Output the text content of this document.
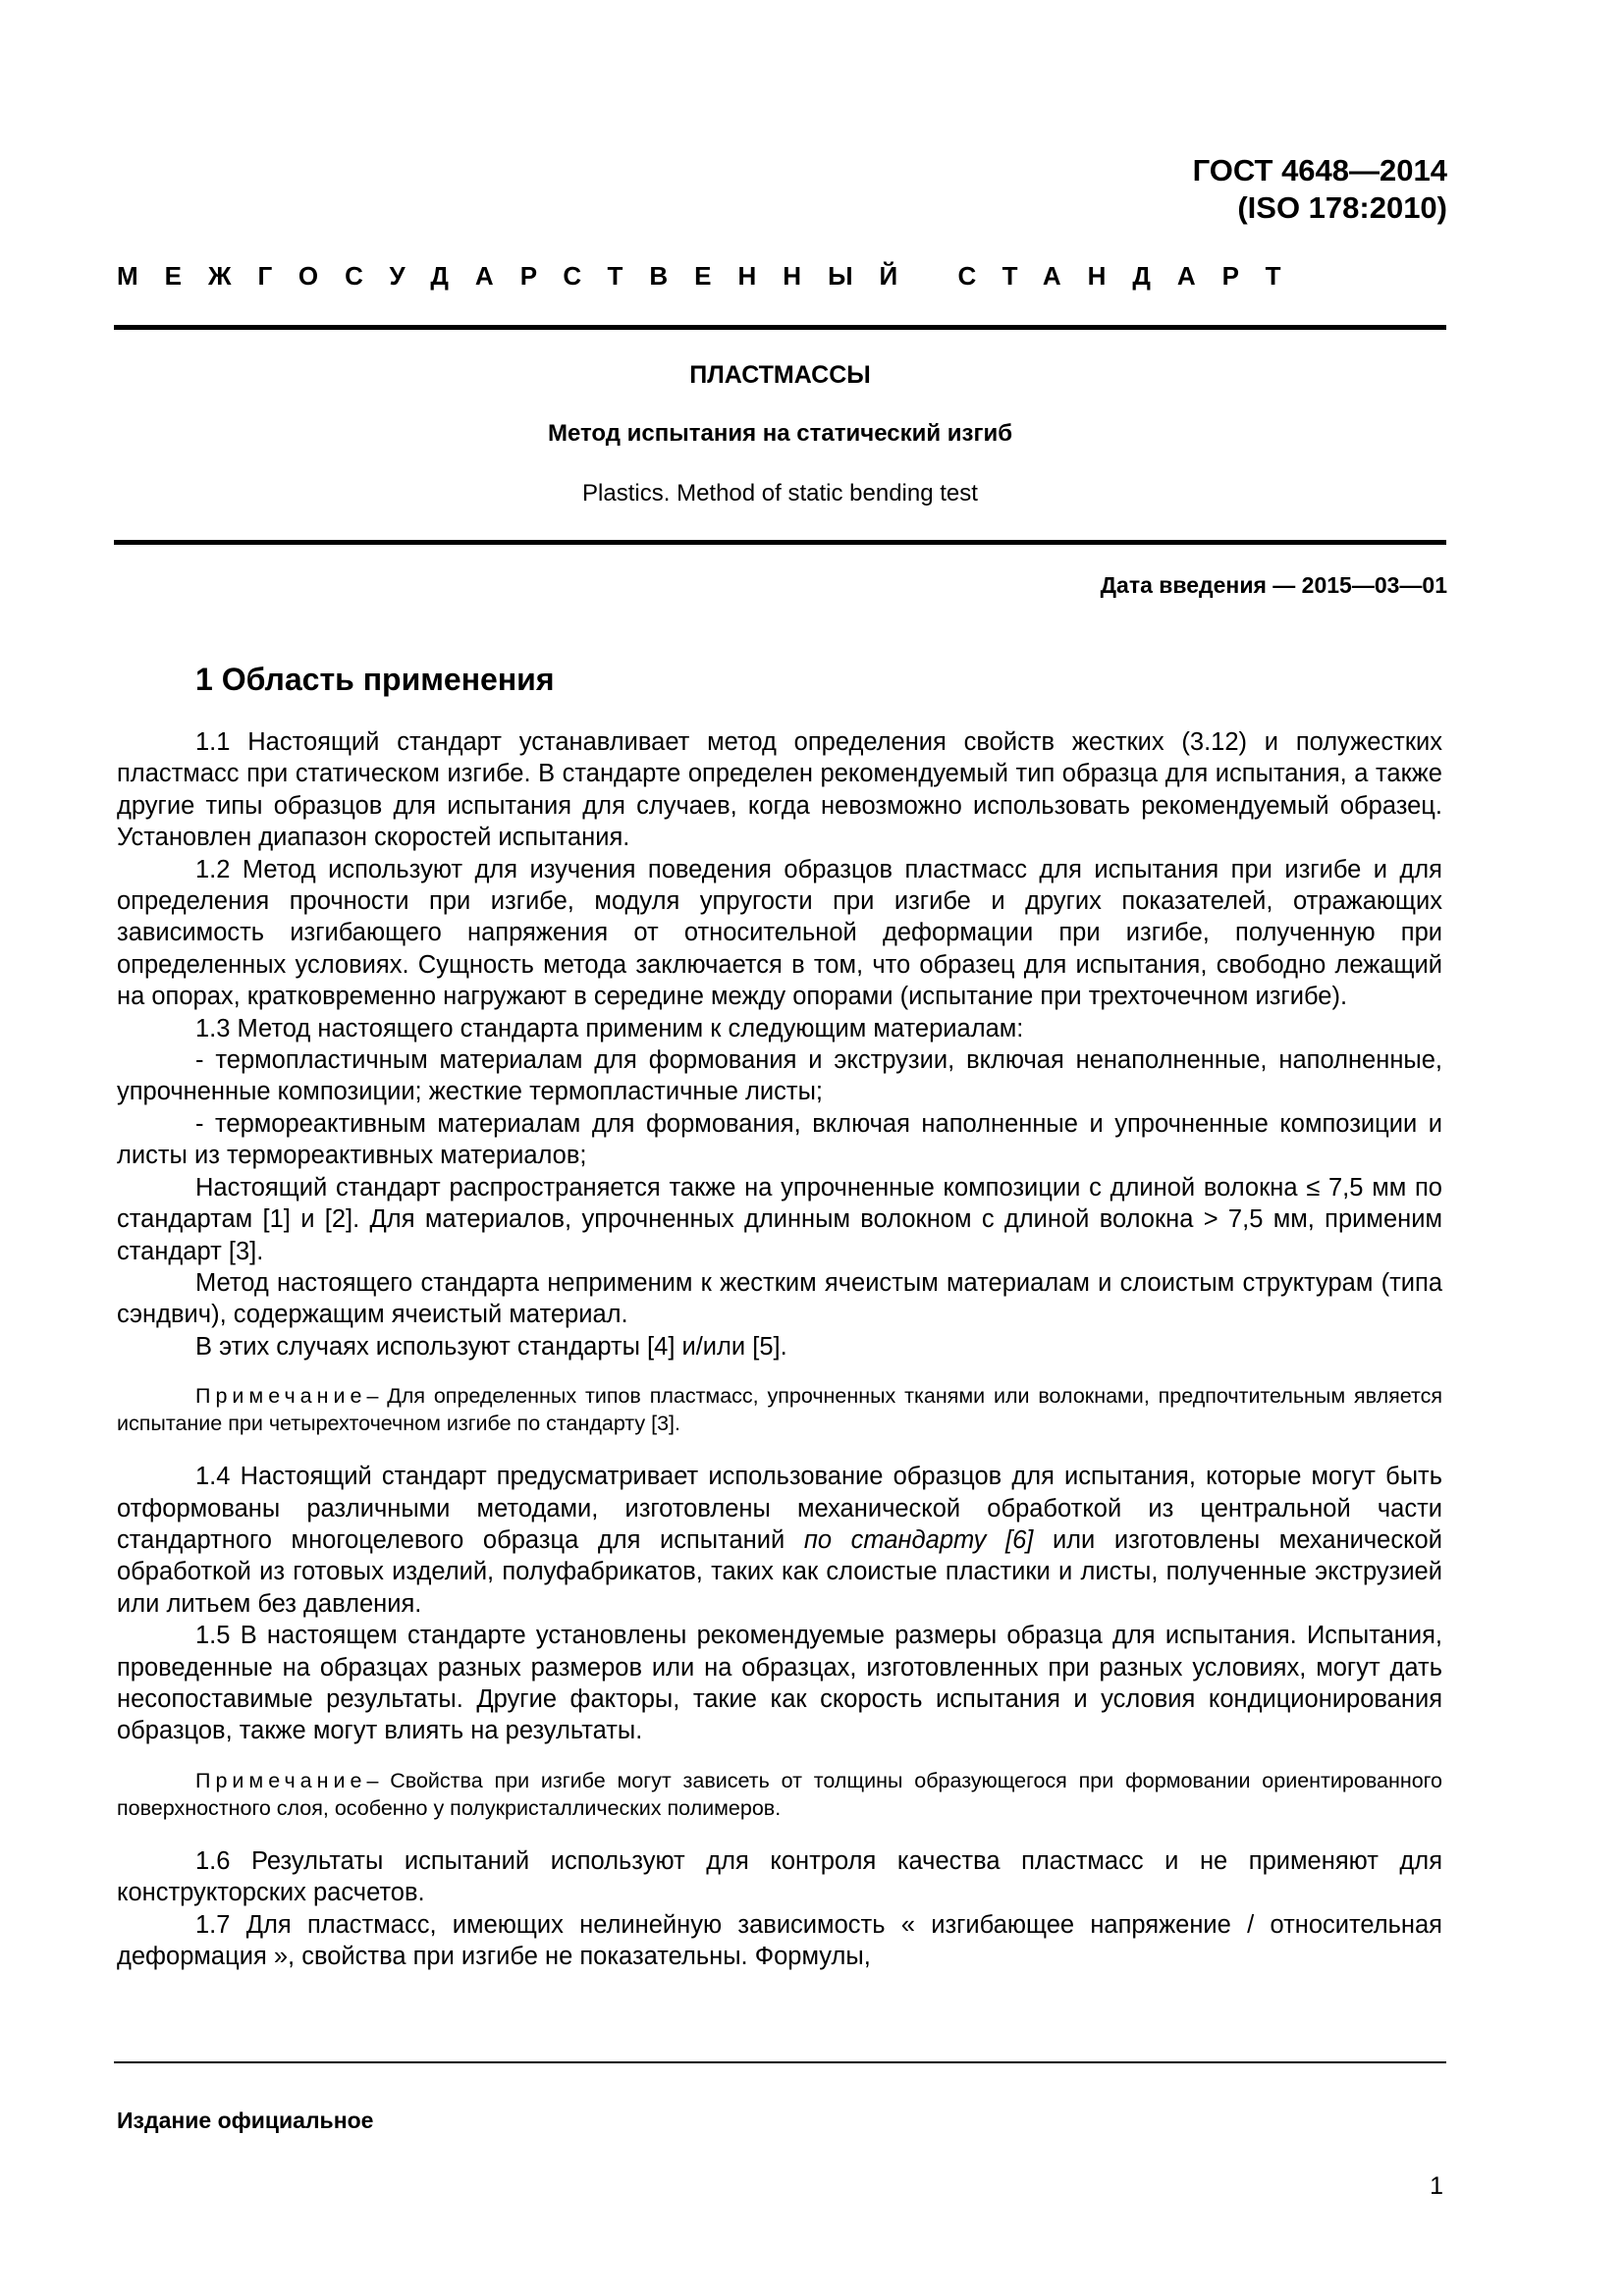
ГОСТ 4648—2014
(ISO 178:2010)
МЕЖГОСУДАРСТВЕННЫЙ СТАНДАРТ
ПЛАСТМАССЫ
Метод испытания на статический изгиб
Plastics. Method of static bending test
Дата введения — 2015—03—01
1 Область применения

1.1 Настоящий стандарт устанавливает метод определения свойств жестких (3.12) и полужестких пластмасс при статическом изгибе. В стандарте определен рекомендуемый тип образца для испытания, а также другие типы образцов для испытания для случаев, когда невозможно использовать рекомендуемый образец. Установлен диапазон скоростей испытания.

1.2 Метод используют для изучения поведения образцов пластмасс для испытания при изгибе и для определения прочности при изгибе, модуля упругости при изгибе и других показателей, отражающих зависимость изгибающего напряжения от относительной деформации при изгибе, полученную при определенных условиях. Сущность метода заключается в том, что образец для испытания, свободно лежащий на опорах, кратковременно нагружают в середине между опорами (испытание при трехточечном изгибе).

1.3 Метод настоящего стандарта применим к следующим материалам:

- термопластичным материалам для формования и экструзии, включая ненаполненные, наполненные, упрочненные композиции; жесткие термопластичные листы;

- термореактивным материалам для формования, включая наполненные и упрочненные композиции и листы из термореактивных материалов;

Настоящий стандарт распространяется также на упрочненные композиции с длиной волокна ≤ 7,5 мм по стандартам [1] и [2]. Для материалов, упрочненных длинным волокном с длиной волокна > 7,5 мм, применим стандарт [3].

Метод настоящего стандарта неприменим к жестким ячеистым материалам и слоистым структурам (типа сэндвич), содержащим ячеистый материал.

В этих случаях используют стандарты [4] и/или [5].

Примечание– Для определенных типов пластмасс, упрочненных тканями или волокнами, предпочтительным является испытание при четырехточечном изгибе по стандарту [3].

1.4 Настоящий стандарт предусматривает использование образцов для испытания, которые могут быть отформованы различными методами, изготовлены механической обработкой из центральной части стандартного многоцелевого образца для испытаний по стандарту [6] или изготовлены механической обработкой из готовых изделий, полуфабрикатов, таких как слоистые пластики и листы, полученные экструзией или литьем без давления.

1.5 В настоящем стандарте установлены рекомендуемые размеры образца для испытания. Испытания, проведенные на образцах разных размеров или на образцах, изготовленных при разных условиях, могут дать несопоставимые результаты. Другие факторы, такие как скорость испытания и условия кондиционирования образцов, также могут влиять на результаты.

Примечание– Свойства при изгибе могут зависеть от толщины образующегося при формовании ориентированного поверхностного слоя, особенно у полукристаллических полимеров.

1.6 Результаты испытаний используют для контроля качества пластмасс и не применяют для конструкторских расчетов.

1.7 Для пластмасс, имеющих нелинейную зависимость « изгибающее напряжение / относительная деформация », свойства при изгибе не показательны. Формулы,

Издание официальное
1
